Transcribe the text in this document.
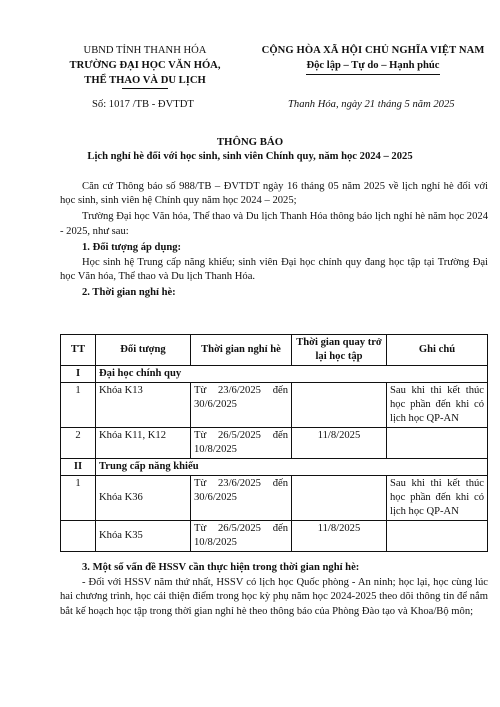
UBND TỈNH THANH HÓA
TRƯỜNG ĐẠI HỌC VĂN HÓA,
THỂ THAO VÀ DU LỊCH
CỘNG HÒA XÃ HỘI CHỦ NGHĨA VIỆT NAM
Độc lập – Tự do – Hạnh phúc
Số: 1017 /TB - ĐVTDT	Thanh Hóa, ngày 21 tháng 5 năm 2025
THÔNG BÁO
Lịch nghỉ hè đối với học sinh, sinh viên Chính quy, năm học 2024 – 2025

Căn cứ Thông báo số 988/TB – ĐVTDT ngày 16 tháng 05 năm 2025 về lịch nghỉ hè đối với học sinh, sinh viên hệ Chính quy năm học 2024 – 2025;

Trường Đại học Văn hóa, Thể thao và Du lịch Thanh Hóa thông báo lịch nghỉ hè năm học 2024 - 2025, như sau:

1. Đối tượng áp dụng:

Học sinh hệ Trung cấp năng khiếu; sinh viên Đại học chính quy đang học tập tại Trường Đại học Văn hóa, Thể thao và Du lịch Thanh Hóa.

2. Thời gian nghỉ hè:
TT	Đối tượng	Thời gian nghỉ hè	Thời gian quay trở lại học tập	Ghi chú
I	Đại học chính quy			
1	Khóa K13	Từ 23/6/2025 đến 30/6/2025		Sau khi thi kết thúc học phần đến khi có lịch học QP-AN
2	Khóa K11, K12	Từ 26/5/2025 đến 10/8/2025	11/8/2025	
II	Trung cấp năng khiếu			
1	Khóa K36	Từ 23/6/2025 đến 30/6/2025		Sau khi thi kết thúc học phần đến khi có lịch học QP-AN
	Khóa K35	Từ 26/5/2025 đến 10/8/2025	11/8/2025	
3. Một số vấn đề HSSV cần thực hiện trong thời gian nghỉ hè:

- Đối với HSSV năm thứ nhất, HSSV có lịch học Quốc phòng - An ninh; học lại, học cùng lúc hai chương trình, học cải thiện điểm trong học kỳ phụ năm học 2024-2025 theo dõi thông tin để nắm bắt kế hoạch học tập trong thời gian nghỉ hè theo thông báo của Phòng Đào tạo và Khoa/Bộ môn;
